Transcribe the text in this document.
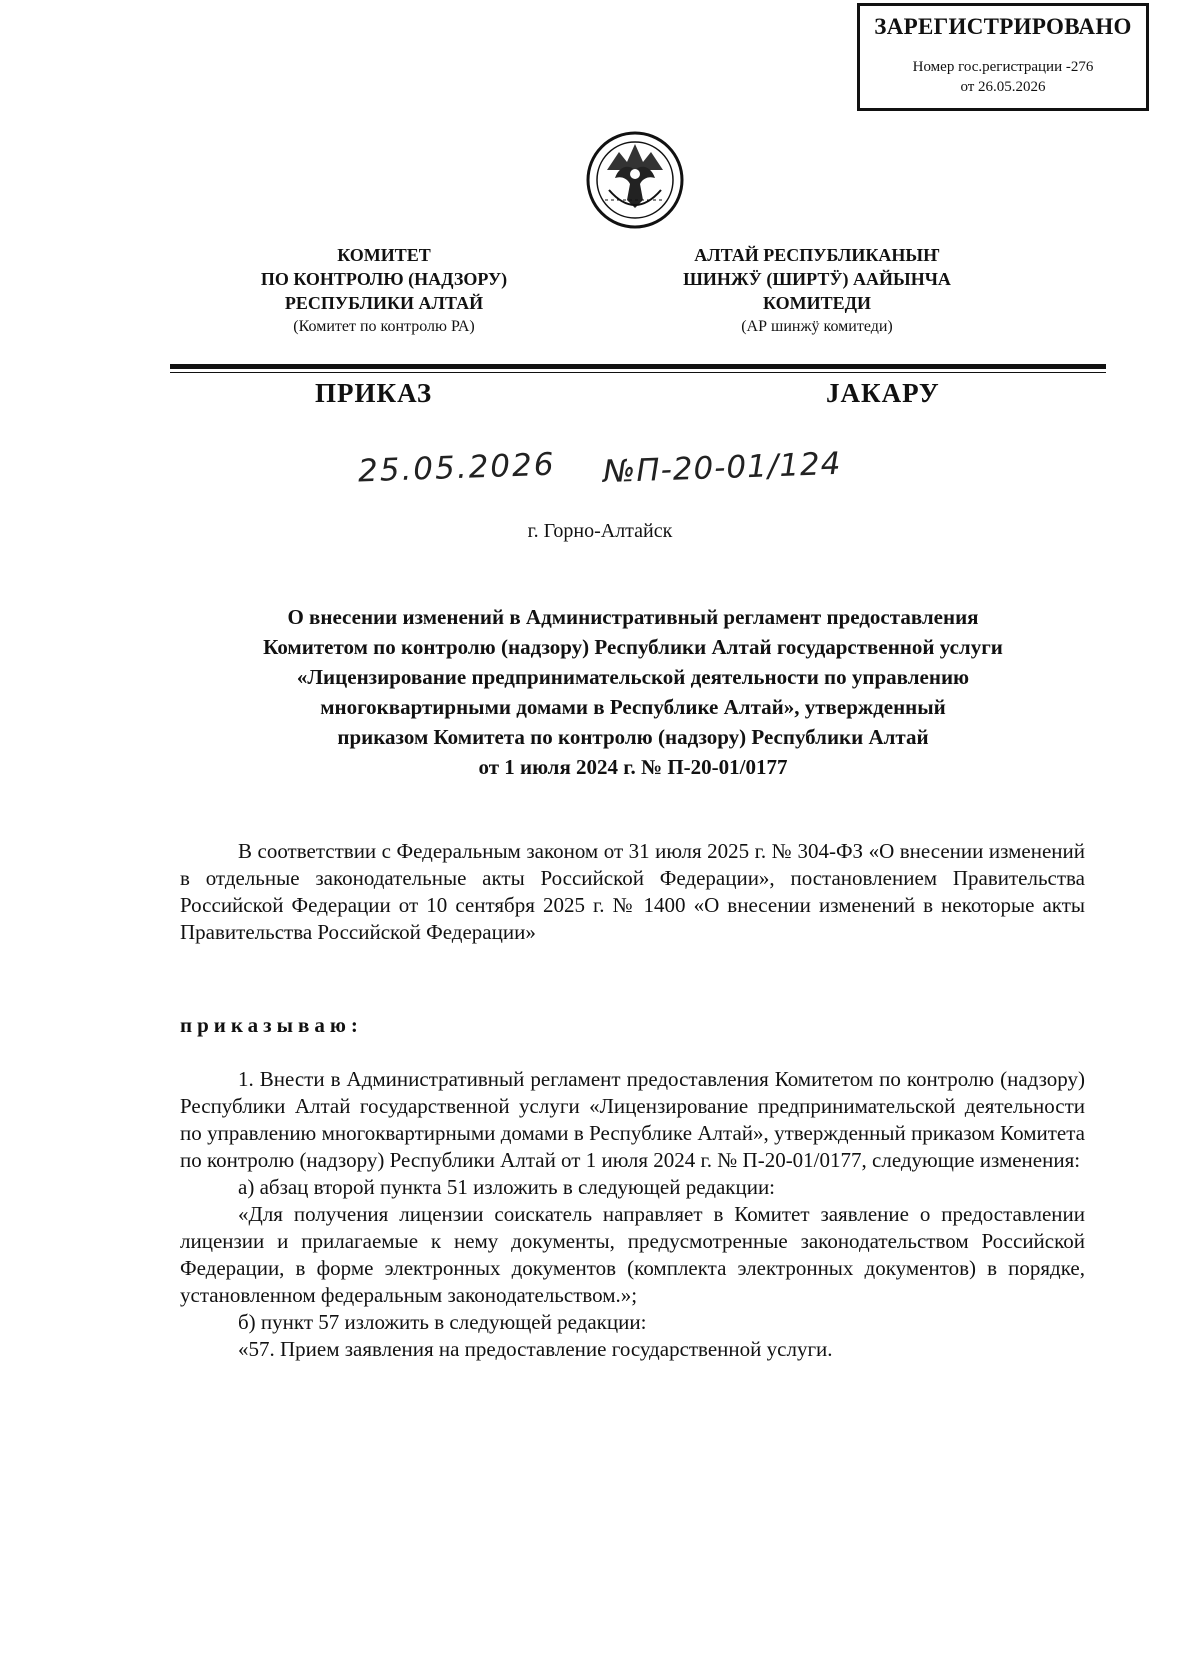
ЗАРЕГИСТРИРОВАНО
Номер гос.регистрации -276
от 26.05.2026
КОМИТЕТ
ПО КОНТРОЛЮ (НАДЗОРУ)
РЕСПУБЛИКИ АЛТАЙ
(Комитет по контролю РА)
АЛТАЙ РЕСПУБЛИКАНЫҤ
ШИНЖӰ (ШИРТӰ) ААЙЫНЧА
КОМИТЕДИ
(АР шинжӱ комитеди)
ПРИКАЗ	ЈАКАРУ
25.05.2026 №П-20-01/124
г. Горно-Алтайск
О внесении изменений в Административный регламент предоставления
Комитетом по контролю (надзору) Республики Алтай государственной услуги
«Лицензирование предпринимательской деятельности по управлению
многоквартирными домами в Республике Алтай», утвержденный
приказом Комитета по контролю (надзору) Республики Алтай
от 1 июля 2024 г. № П-20-01/0177

В соответствии с Федеральным законом от 31 июля 2025 г. № 304-ФЗ «О внесении изменений в отдельные законодательные акты Российской Федерации», постановлением Правительства Российской Федерации от 10 сентября 2025 г. № 1400 «О внесении изменений в некоторые акты Правительства Российской Федерации»

приказываю:

1. Внести в Административный регламент предоставления Комитетом по контролю (надзору) Республики Алтай государственной услуги «Лицензирование предпринимательской деятельности по управлению многоквартирными домами в Республике Алтай», утвержденный приказом Комитета по контролю (надзору) Республики Алтай от 1 июля 2024 г. № П-20-01/0177, следующие изменения:

а) абзац второй пункта 51 изложить в следующей редакции:

«Для получения лицензии соискатель направляет в Комитет заявление о предоставлении лицензии и прилагаемые к нему документы, предусмотренные законодательством Российской Федерации, в форме электронных документов (комплекта электронных документов) в порядке, установленном федеральным законодательством.»;

б) пункт 57 изложить в следующей редакции:

«57. Прием заявления на предоставление государственной услуги.
